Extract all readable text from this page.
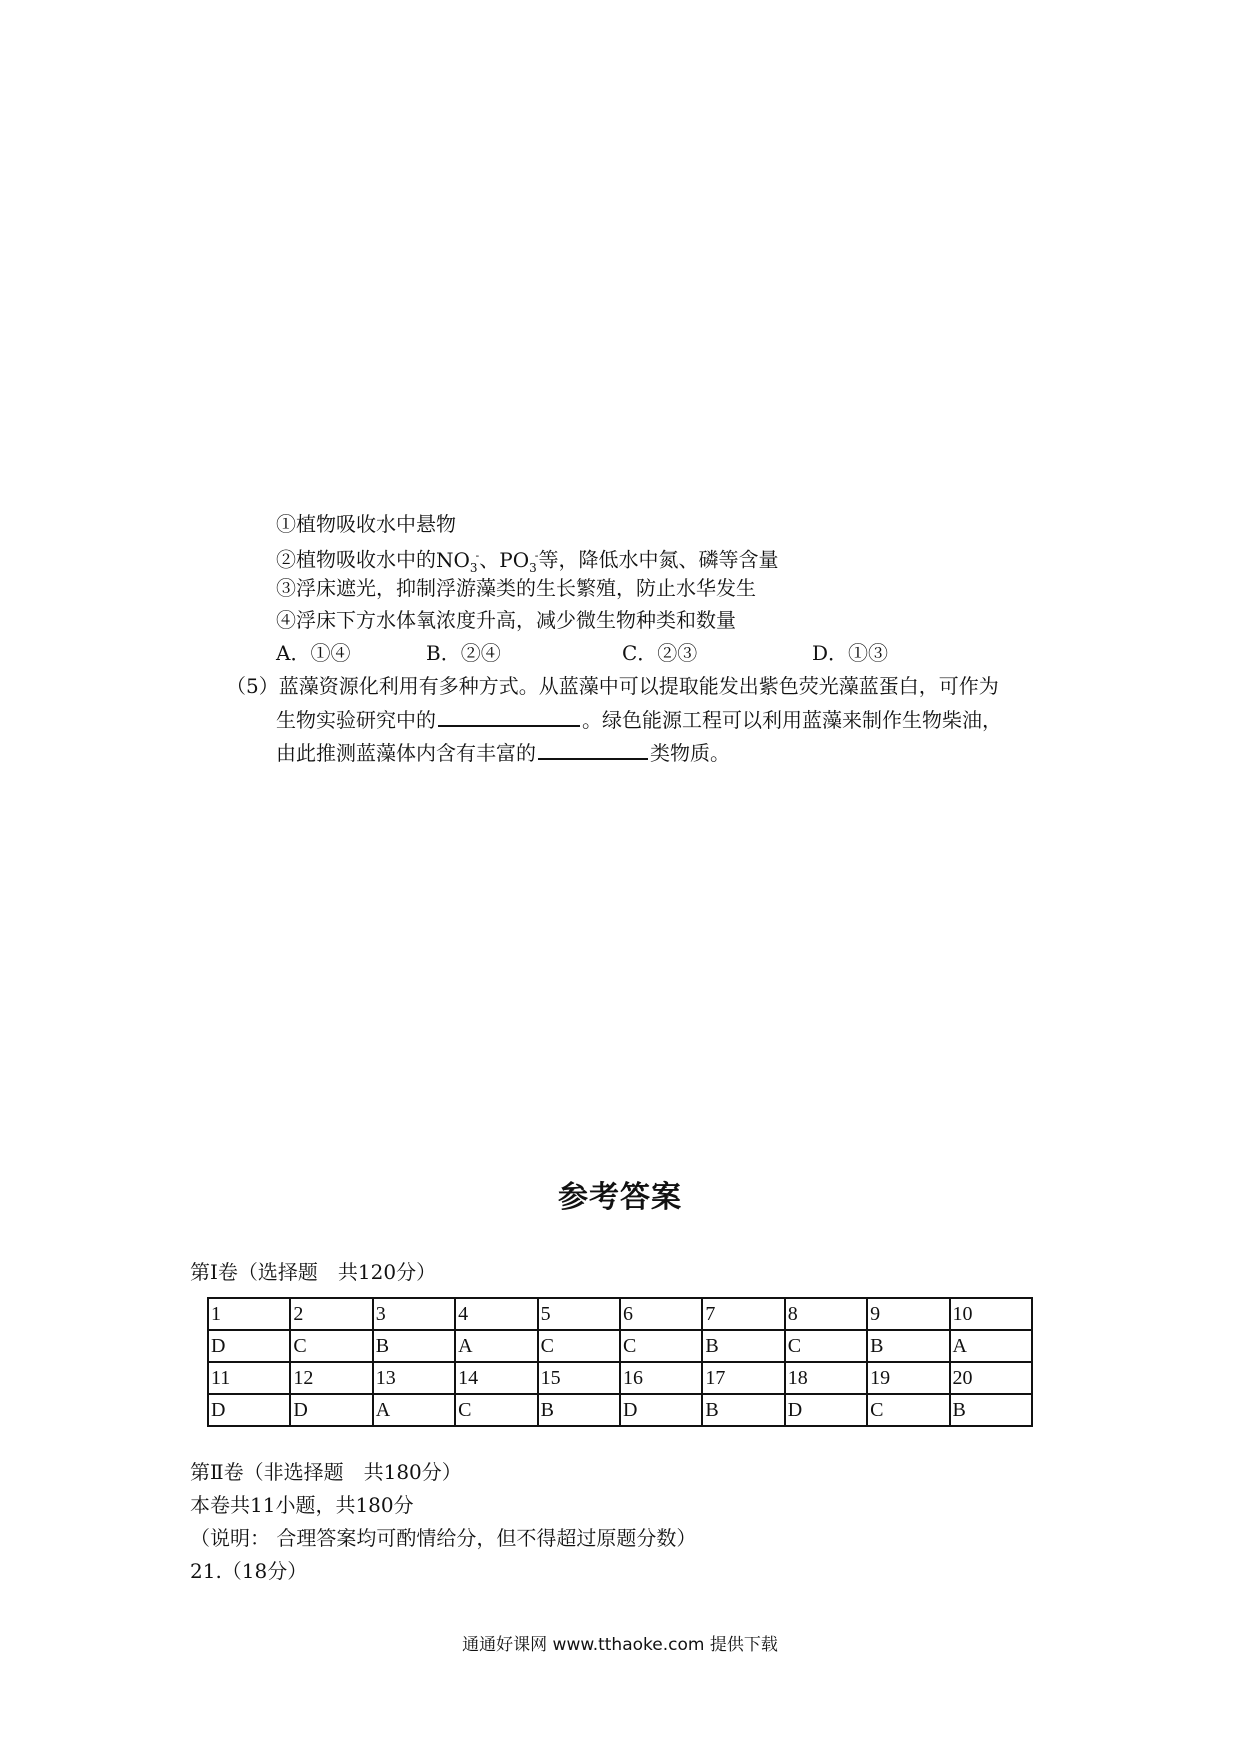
①植物吸收水中悬物
②植物吸收水中的$NO_3^-$、$PO_3^-$等，降低水中氮、磷等含量
③浮床遮光，抑制浮游藻类的生长繁殖，防止水华发生
④浮床下方水体氧浓度升高，减少微生物种类和数量
A．①④	B．②④	C．②③	D．①③
（5）蓝藻资源化利用有多种方式。从蓝藻中可以提取能发出紫色荧光藻蓝蛋白，可作为
生物实验研究中的	。绿色能源工程可以利用蓝藻来制作生物柴油，
由此推测蓝藻体内含有丰富的	类物质。
参考答案
第Ⅰ卷（选择题　共120分）
1	2	3	4	5	6	7	8	9	10
D	C	B	A	C	C	B	C	B	A
11	12	13	14	15	16	17	18	19	20
D	D	A	C	B	D	B	D	C	B
第Ⅱ卷（非选择题　共180分）
本卷共11小题，共180分
（说明： 合理答案均可酌情给分，但不得超过原题分数）
21.（18分）
通通好课网 www.tthaoke.com 提供下载
